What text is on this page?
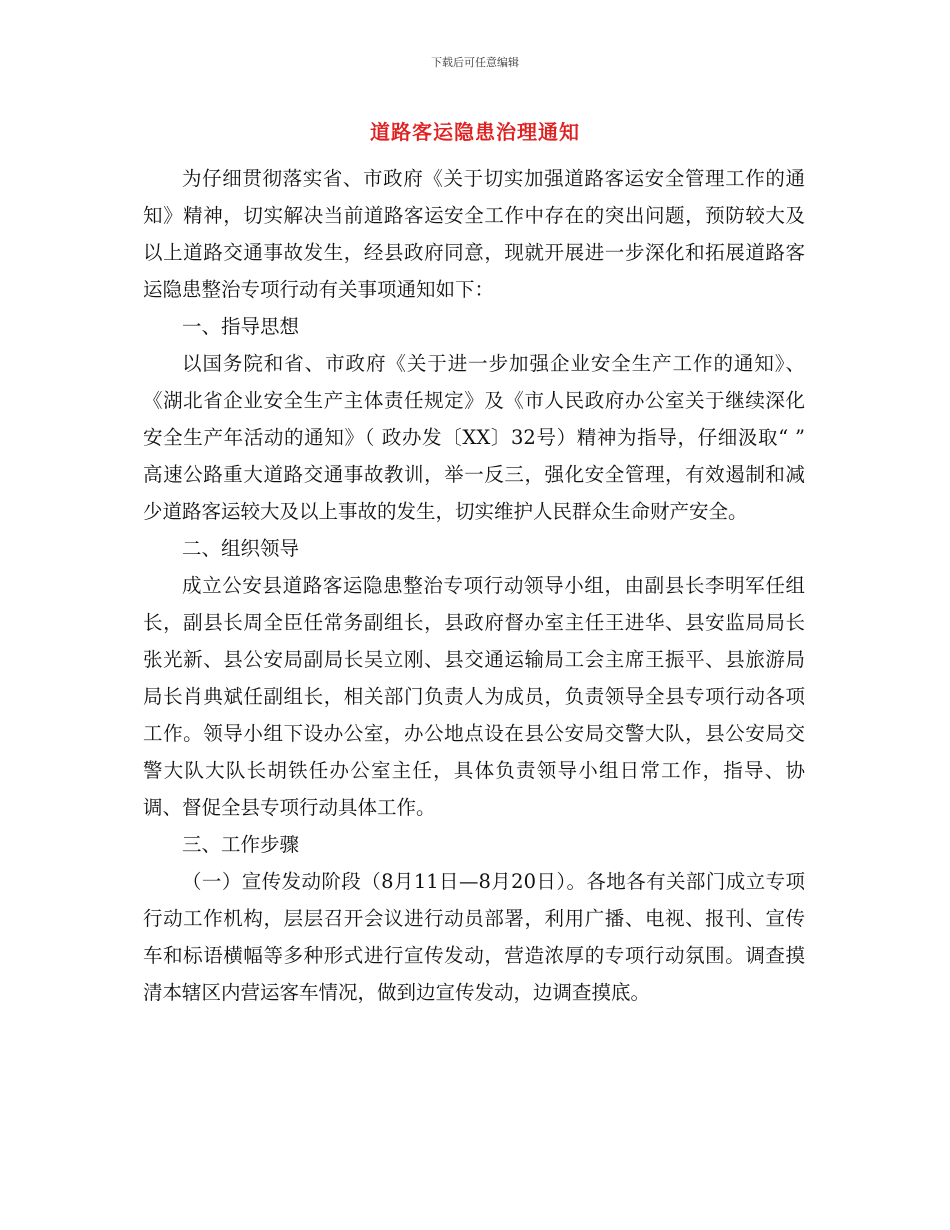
下载后可任意编辑
道路客运隐患治理通知

为仔细贯彻落实省、市政府《关于切实加强道路客运安全管理工作的通知》精神，切实解决当前道路客运安全工作中存在的突出问题，预防较大及以上道路交通事故发生，经县政府同意，现就开展进一步深化和拓展道路客运隐患整治专项行动有关事项通知如下：

一、指导思想

以国务院和省、市政府《关于进一步加强企业安全生产工作的通知》、《湖北省企业安全生产主体责任规定》及《市人民政府办公室关于继续深化安全生产年活动的通知》（ 政办发〔XX〕32号）精神为指导，仔细汲取“ ” 高速公路重大道路交通事故教训，举一反三，强化安全管理，有效遏制和减少道路客运较大及以上事故的发生，切实维护人民群众生命财产安全。

二、组织领导

成立公安县道路客运隐患整治专项行动领导小组，由副县长李明军任组长，副县长周全臣任常务副组长，县政府督办室主任王进华、县安监局局长张光新、县公安局副局长吴立刚、县交通运输局工会主席王振平、县旅游局局长肖典斌任副组长，相关部门负责人为成员，负责领导全县专项行动各项工作。领导小组下设办公室，办公地点设在县公安局交警大队，县公安局交警大队大队长胡铁任办公室主任，具体负责领导小组日常工作，指导、协调、督促全县专项行动具体工作。

三、工作步骤

（一）宣传发动阶段（8月11日—8月20日）。各地各有关部门成立专项行动工作机构，层层召开会议进行动员部署，利用广播、电视、报刊、宣传车和标语横幅等多种形式进行宣传发动，营造浓厚的专项行动氛围。调查摸清本辖区内营运客车情况，做到边宣传发动，边调查摸底。
